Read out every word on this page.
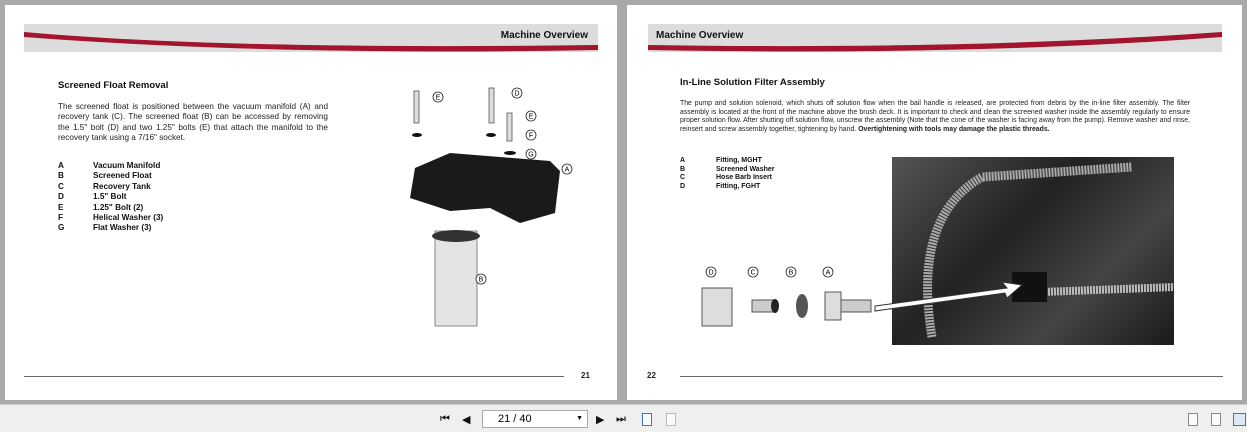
Machine Overview
Screened Float Removal
The screened float is positioned between the vacuum manifold (A) and recovery tank (C). The screened float (B) can be accessed by removing the 1.5" bolt (D) and two 1.25" bolts (E) that attach the manifold to the recovery tank using a 7/16" socket.
A	Vacuum Manifold
B	Screened Float
C	Recovery Tank
D	1.5" Bolt
E	1.25" Bolt (2)
F	Helical Washer (3)
G	Flat Washer (3)
E
D
E
F
G
A
B
21
Machine Overview
In-Line Solution Filter Assembly
The pump and solution solenoid, which shuts off solution flow when the bail handle is released, are protected from debris by the in-line filter assembly. The filter assembly is located at the front of the machine above the brush deck. It is important to check and clean the screened washer inside the assembly regularly to ensure proper solution flow. After shutting off solution flow, unscrew the assembly (Note that the cone of the washer is facing away from the pump). Remove washer and rinse, reinsert and screw assembly together, tightening by hand. Overtightening with tools may damage the plastic threads.
A	Fitting, MGHT
B	Screened Washer
C	Hose Barb Insert
D	Fitting, FGHT
D	C	B	A
22
⏮ ◀	21 / 40	▼ ▶ ⏭
